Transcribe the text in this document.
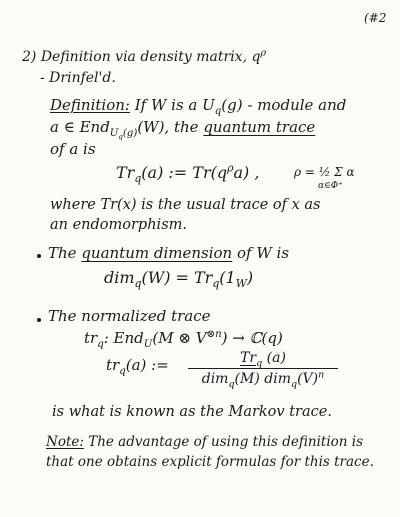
(#2
2) Definition via density matrix, $q^\rho$
- Drinfel'd.
Definition: If W is a $U_q(g)$ - module and
a ∈ End$_{U_q(g)}$(W), the quantum trace
of a is
$Tr_q(a)$ := $Tr(q^\rho a)$ ,	ρ = ½ Σ α
α∈Φ⁺
where Tr(x) is the usual trace of x as
an endomorphism.
The quantum dimension of W is
$dim_q(W) = Tr_q(1_W)$
The normalized trace
$tr_q$: End$_U$(M ⊗ $V^{\otimes n}$) → ℂ(q)
$tr_q(a)$ :=	$Tr_q$ (a)
dim$_q$(M) $dim_q(V)^n$
is what is known as the Markov trace.
Note: The advantage of using this definition is
that one obtains explicit formulas for this trace.
